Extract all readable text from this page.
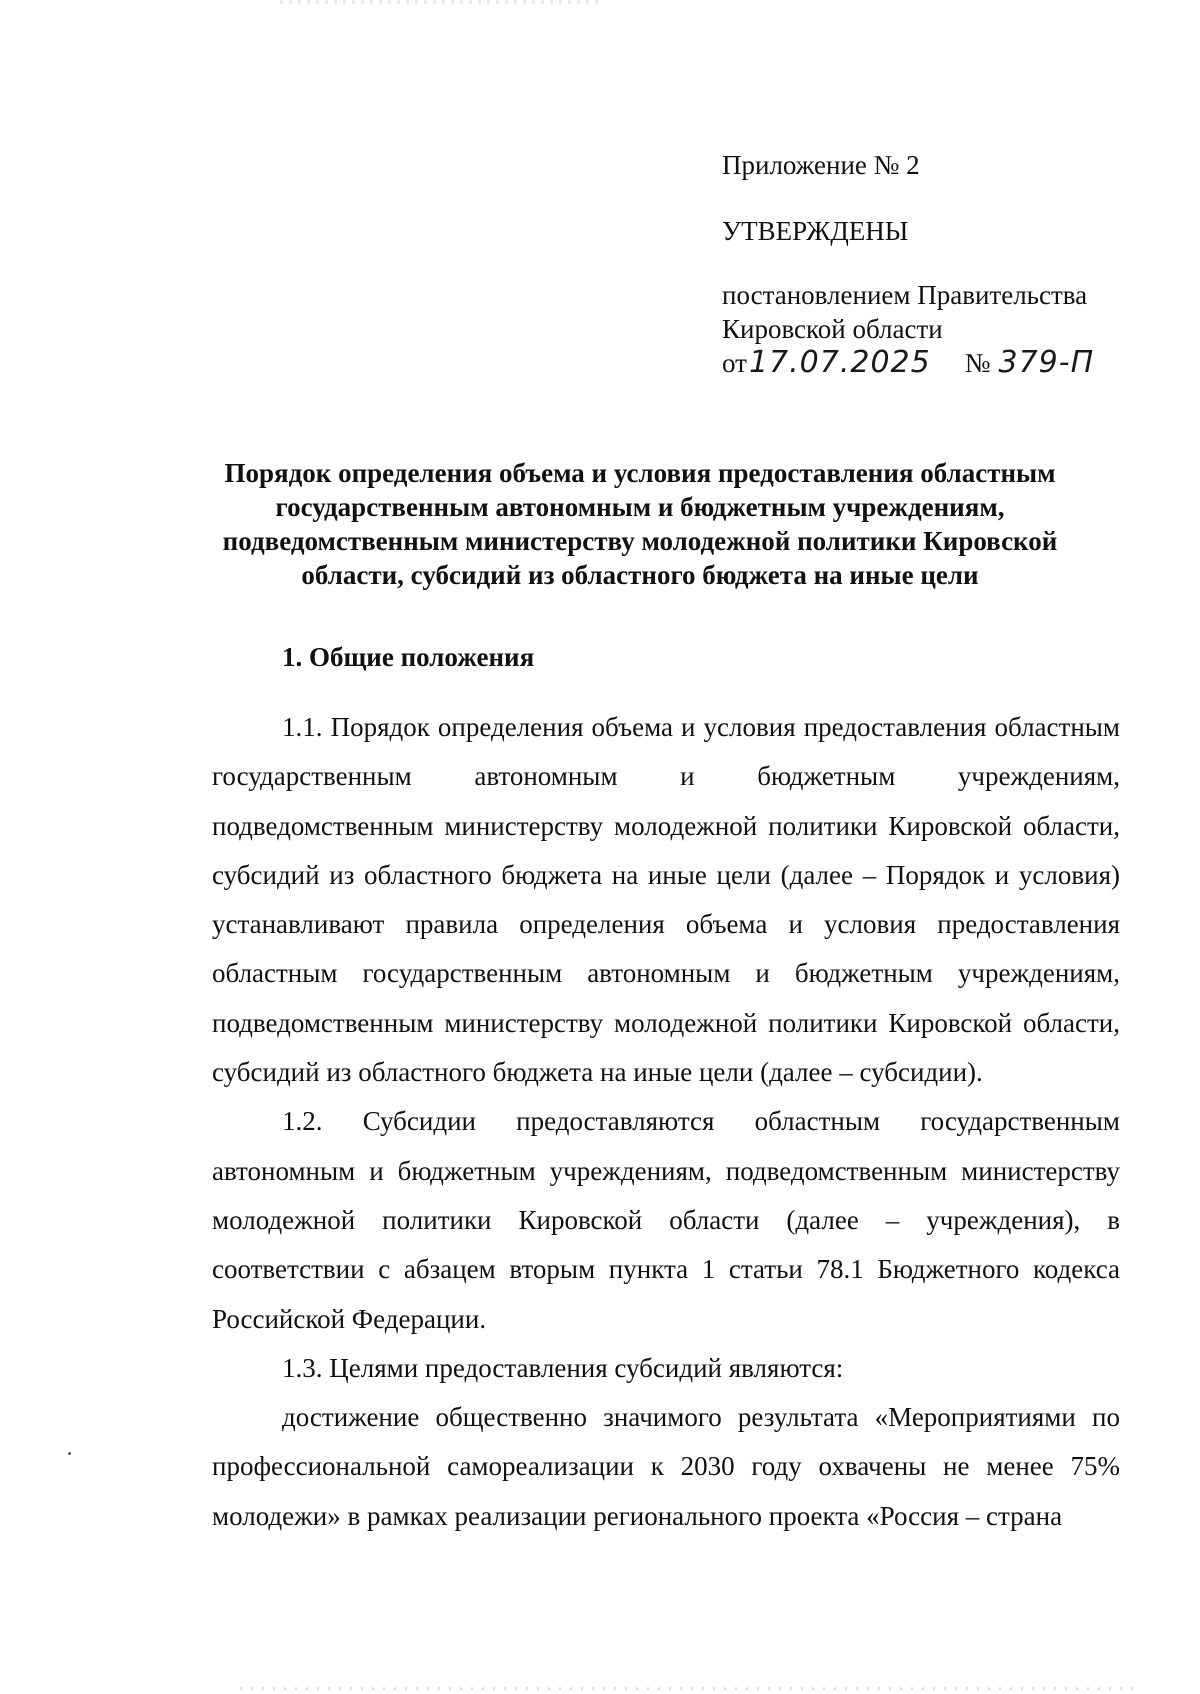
Приложение № 2
УТВЕРЖДЕНЫ
постановлением Правительства
Кировской области
от17.07.2025 № 379-П
Порядок определения объема и условия предоставления областным
государственным автономным и бюджетным учреждениям,
подведомственным министерству молодежной политики Кировской
области, субсидий из областного бюджета на иные цели
1. Общие положения

1.1. Порядок определения объема и условия предоставления областным государственным автономным и бюджетным учреждениям, подведомственным министерству молодежной политики Кировской области, субсидий из областного бюджета на иные цели (далее – Порядок и условия) устанавливают правила определения объема и условия предоставления областным государственным автономным и бюджетным учреждениям, подведомственным министерству молодежной политики Кировской области, субсидий из областного бюджета на иные цели (далее – субсидии).

1.2. Субсидии предоставляются областным государственным автономным и бюджетным учреждениям, подведомственным министерству молодежной политики Кировской области (далее – учреждения), в соответствии с абзацем вторым пункта 1 статьи 78.1 Бюджетного кодекса Российской Федерации.

1.3. Целями предоставления субсидий являются:

достижение общественно значимого результата «Мероприятиями по профессиональной самореализации к 2030 году охвачены не менее 75% молодежи» в рамках реализации регионального проекта «Россия – страна
